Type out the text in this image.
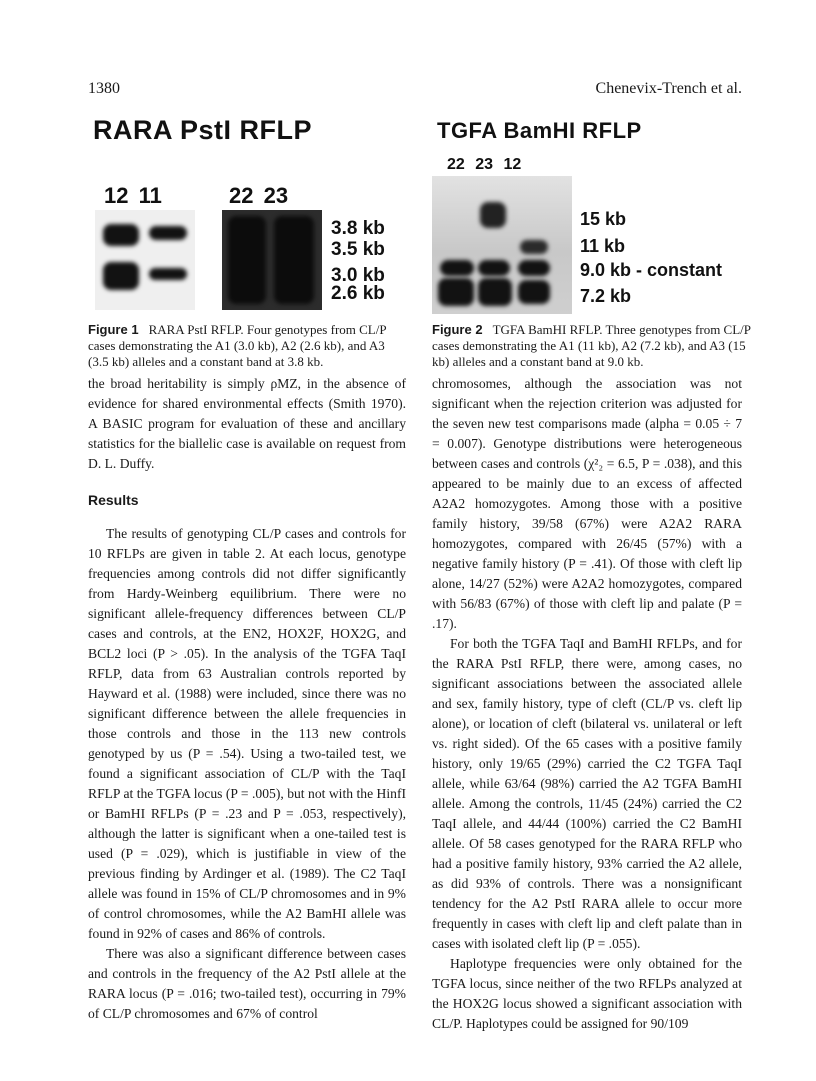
1380	Chenevix-Trench et al.
RARA PstI RFLP
12 11	22 23
3.8 kb
3.5 kb
3.0 kb
2.6 kb
Figure 1 RARA PstI RFLP. Four genotypes from CL/P cases demonstrating the A1 (3.0 kb), A2 (2.6 kb), and A3 (3.5 kb) alleles and a constant band at 3.8 kb.
TGFA BamHI RFLP
22 23 12
15 kb
11 kb
9.0 kb - constant
7.2 kb
Figure 2 TGFA BamHI RFLP. Three genotypes from CL/P cases demonstrating the A1 (11 kb), A2 (7.2 kb), and A3 (15 kb) alleles and a constant band at 9.0 kb.

the broad heritability is simply ρMZ, in the absence of evidence for shared environmental effects (Smith 1970). A BASIC program for evaluation of these and ancillary statistics for the biallelic case is available on request from D. L. Duffy.

Results

The results of genotyping CL/P cases and controls for 10 RFLPs are given in table 2. At each locus, genotype frequencies among controls did not differ significantly from Hardy-Weinberg equilibrium. There were no significant allele-frequency differences between CL/P cases and controls, at the EN2, HOX2F, HOX2G, and BCL2 loci (P > .05). In the analysis of the TGFA TaqI RFLP, data from 63 Australian controls reported by Hayward et al. (1988) were included, since there was no significant difference between the allele frequencies in those controls and those in the 113 new controls genotyped by us (P = .54). Using a two-tailed test, we found a significant association of CL/P with the TaqI RFLP at the TGFA locus (P = .005), but not with the HinfI or BamHI RFLPs (P = .23 and P = .053, respectively), although the latter is significant when a one-tailed test is used (P = .029), which is justifiable in view of the previous finding by Ardinger et al. (1989). The C2 TaqI allele was found in 15% of CL/P chromosomes and in 9% of control chromosomes, while the A2 BamHI allele was found in 92% of cases and 86% of controls.

There was also a significant difference between cases and controls in the frequency of the A2 PstI allele at the RARA locus (P = .016; two-tailed test), occurring in 79% of CL/P chromosomes and 67% of control

chromosomes, although the association was not significant when the rejection criterion was adjusted for the seven new test comparisons made (alpha = 0.05 ÷ 7 = 0.007). Genotype distributions were heterogeneous between cases and controls (χ²₂ = 6.5, P = .038), and this appeared to be mainly due to an excess of affected A2A2 homozygotes. Among those with a positive family history, 39/58 (67%) were A2A2 RARA homozygotes, compared with 26/45 (57%) with a negative family history (P = .41). Of those with cleft lip alone, 14/27 (52%) were A2A2 homozygotes, compared with 56/83 (67%) of those with cleft lip and palate (P = .17).

For both the TGFA TaqI and BamHI RFLPs, and for the RARA PstI RFLP, there were, among cases, no significant associations between the associated allele and sex, family history, type of cleft (CL/P vs. cleft lip alone), or location of cleft (bilateral vs. unilateral or left vs. right sided). Of the 65 cases with a positive family history, only 19/65 (29%) carried the C2 TGFA TaqI allele, while 63/64 (98%) carried the A2 TGFA BamHI allele. Among the controls, 11/45 (24%) carried the C2 TaqI allele, and 44/44 (100%) carried the C2 BamHI allele. Of 58 cases genotyped for the RARA RFLP who had a positive family history, 93% carried the A2 allele, as did 93% of controls. There was a nonsignificant tendency for the A2 PstI RARA allele to occur more frequently in cases with cleft lip and cleft palate than in cases with isolated cleft lip (P = .055).

Haplotype frequencies were only obtained for the TGFA locus, since neither of the two RFLPs analyzed at the HOX2G locus showed a significant association with CL/P. Haplotypes could be assigned for 90/109
